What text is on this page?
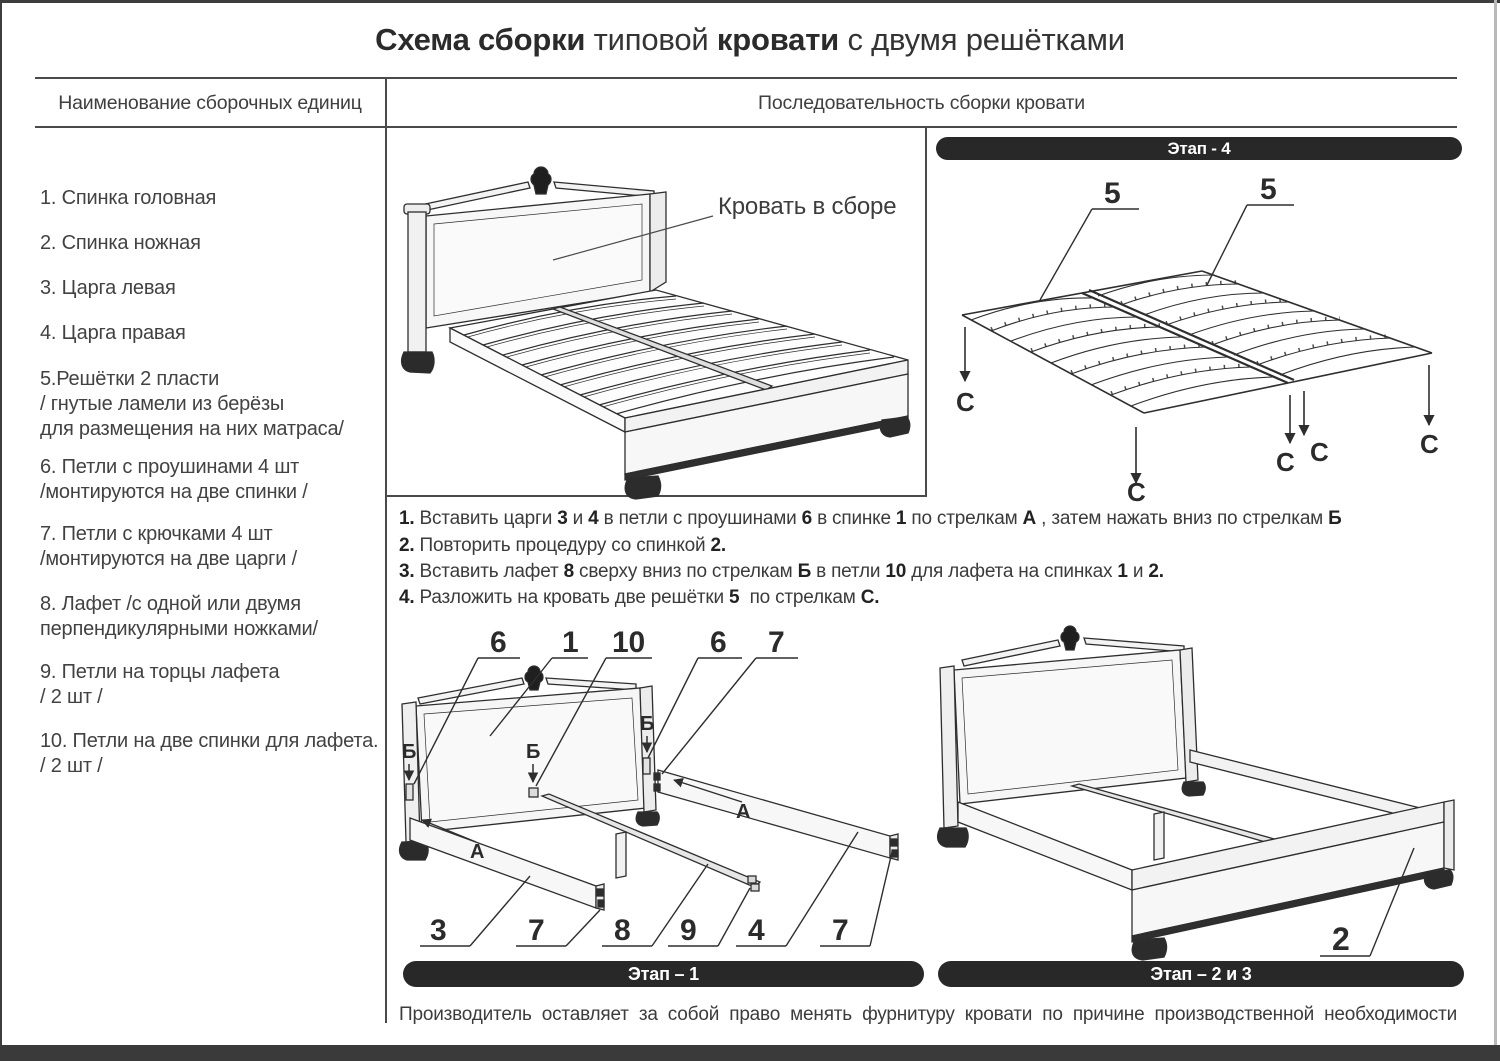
Схема сборки типовой кровати с двумя решётками
Наименование сборочных единиц	Последовательность сборки кровати
1. Спинка головная
2. Спинка ножная
3. Царга левая
4. Царга правая
5.Решётки 2 пласти
/ гнутые ламели из берёзы
для размещения на них матраса/
6. Петли с проушинами 4 шт
/монтируются на две спинки /
7. Петли с крючками 4 шт
/монтируются на две царги /
8. Лафет /с одной или двумя
перпендикулярными ножками/
9. Петли на торцы лафета
/ 2 шт /
10. Петли на две спинки для лафета.
/ 2 шт /
1. Вставить царги 3 и 4 в петли с проушинами 6 в спинке 1 по стрелкам А , затем нажать вниз по стрелкам Б
2. Повторить процедуру со спинкой 2.
3. Вставить лафет 8 сверху вниз по стрелкам Б в петли 10 для лафета на спинках 1 и 2.
4. Разложить на кровать две решётки 5  по стрелкам С.
Этап - 4
Этап – 1	Этап – 2 и 3
Производитель оставляет за собой право менять фурнитуру кровати по причине производственной необходимости
Кровать в сборе	5	5
С
С
С С	С
Б	Б
Б
А
А
6 1 10 6 7
3	7 8 9 4 7	2
